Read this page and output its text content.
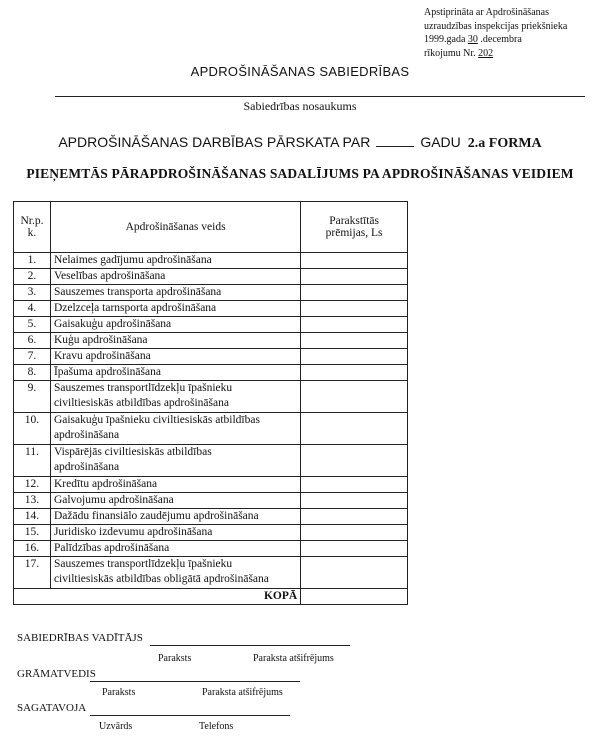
Apstiprināta ar Apdrošināšanas
uzraudzības inspekcijas priekšnieka
1999.gada 30 .decembra
rīkojumu Nr. 202
APDROŠINĀŠANAS SABIEDRĪBAS
Sabiedrības nosaukums
APDROŠINĀŠANAS DARBĪBAS PĀRSKATA PAR	GADU 2.a FORMA
PIEŅEMTĀS PĀRAPDROŠINĀŠANAS SADALĪJUMS PA APDROŠINĀŠANAS VEIDIEM
Nr.p.
k.	Apdrošināšanas veids	Parakstītās
prēmijas, Ls
1.	Nelaimes gadījumu apdrošināšana	
2.	Veselības apdrošināšana	
3.	Sauszemes transporta apdrošināšana	
4.	Dzelzceļa tarnsporta apdrošināšana	
5.	Gaisakuģu apdrošināšana	
6.	Kuģu apdrošināšana	
7.	Kravu apdrošināšana	
8.	Īpašuma apdrošināšana	
9.	Sauszemes transportlīdzekļu īpašnieku
civiltiesiskās atbildības apdrošināšana	
10.	Gaisakuģu īpašnieku civiltiesiskās atbildības
apdrošināšana	
11.	Vispārējās civiltiesiskās atbildības
apdrošināšana	
12.	Kredītu apdrošināšana	
13.	Galvojumu apdrošināšana	
14.	Dažādu finansiālo zaudējumu apdrošināšana	
15.	Juridisko izdevumu apdrošināšana	
16.	Palīdzības apdrošināšana	
17.	Sauszemes transportlīdzekļu īpašnieku
civiltiesiskās atbildības obligātā apdrošināšana	
KOPĀ		
SABIEDRĪBAS VADĪTĀJS
Paraksts	Paraksta atšifrējums
GRĀMATVEDIS
Paraksts	Paraksta atšifrējums
SAGATAVOJA
Uzvārds	Telefons
